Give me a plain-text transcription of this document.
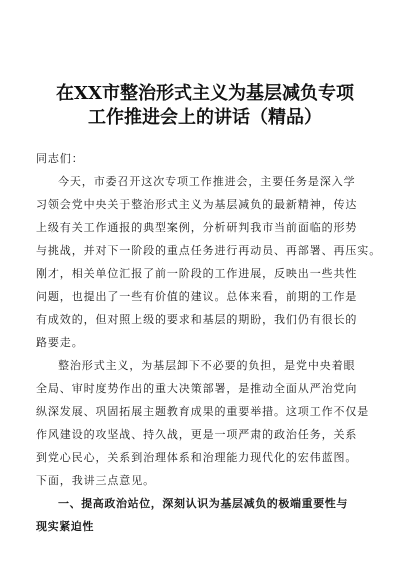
在XX市整治形式主义为基层减负专项
工作推进会上的讲话（精品）
同志们：
今天，市委召开这次专项工作推进会，主要任务是深入学
习领会党中央关于整治形式主义为基层减负的最新精神，传达
上级有关工作通报的典型案例，分析研判我市当前面临的形势
与挑战，并对下一阶段的重点任务进行再动员、再部署、再压实。
刚才，相关单位汇报了前一阶段的工作进展，反映出一些共性
问题，也提出了一些有价值的建议。总体来看，前期的工作是
有成效的，但对照上级的要求和基层的期盼，我们仍有很长的
路要走。
整治形式主义，为基层卸下不必要的负担，是党中央着眼
全局、审时度势作出的重大决策部署，是推动全面从严治党向
纵深发展、巩固拓展主题教育成果的重要举措。这项工作不仅是
作风建设的攻坚战、持久战，更是一项严肃的政治任务，关系
到党心民心，关系到治理体系和治理能力现代化的宏伟蓝图。
下面，我讲三点意见。
一、提高政治站位，深刻认识为基层减负的极端重要性与
现实紧迫性
